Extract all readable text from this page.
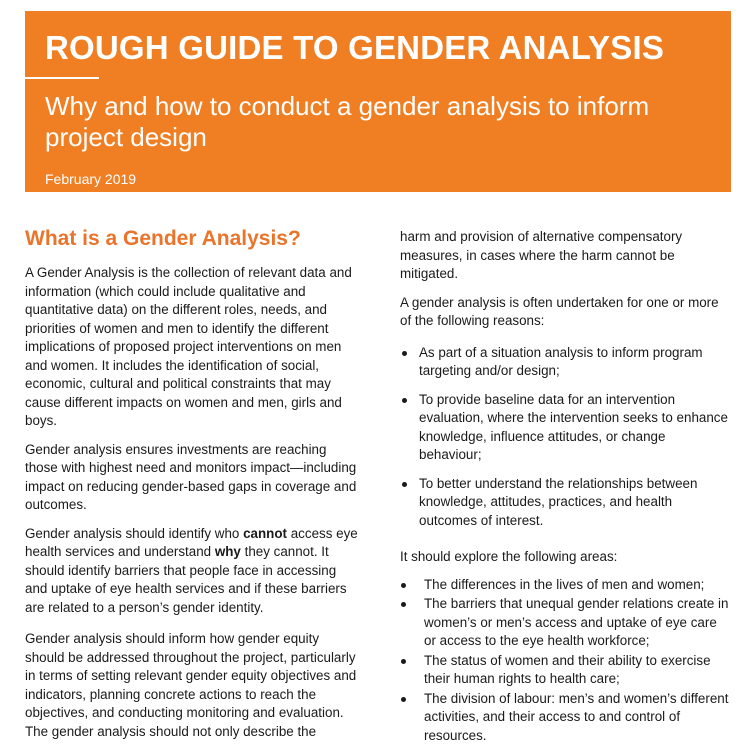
ROUGH GUIDE TO GENDER ANALYSIS
Why and how to conduct a gender analysis to inform project design
February 2019
What is a Gender Analysis?

A Gender Analysis is the collection of relevant data and information (which could include qualitative and quantitative data) on the different roles, needs, and priorities of women and men to identify the different implications of proposed project interventions on men and women. It includes the identification of social, economic, cultural and political constraints that may cause different impacts on women and men, girls and boys.

Gender analysis ensures investments are reaching those with highest need and monitors impact—including impact on reducing gender-based gaps in coverage and outcomes.

Gender analysis should identify who cannot access eye health services and understand why they cannot. It should identify barriers that people face in accessing and uptake of eye health services and if these barriers are related to a person’s gender identity.

Gender analysis should inform how gender equity should be addressed throughout the project, particularly in terms of setting relevant gender equity objectives and indicators, planning concrete actions to reach the objectives, and conducting monitoring and evaluation. The gender analysis should not only describe the

harm and provision of alternative compensatory measures, in cases where the harm cannot be mitigated.

A gender analysis is often undertaken for one or more of the following reasons:

As part of a situation analysis to inform program targeting and/or design;
To provide baseline data for an intervention evaluation, where the intervention seeks to enhance knowledge, influence attitudes, or change behaviour;
To better understand the relationships between knowledge, attitudes, practices, and health outcomes of interest.

It should explore the following areas:

The differences in the lives of men and women;
The barriers that unequal gender relations create in women’s or men’s access and uptake of eye care or access to the eye health workforce;
The status of women and their ability to exercise their human rights to health care;
The division of labour: men’s and women’s different activities, and their access to and control of resources.
